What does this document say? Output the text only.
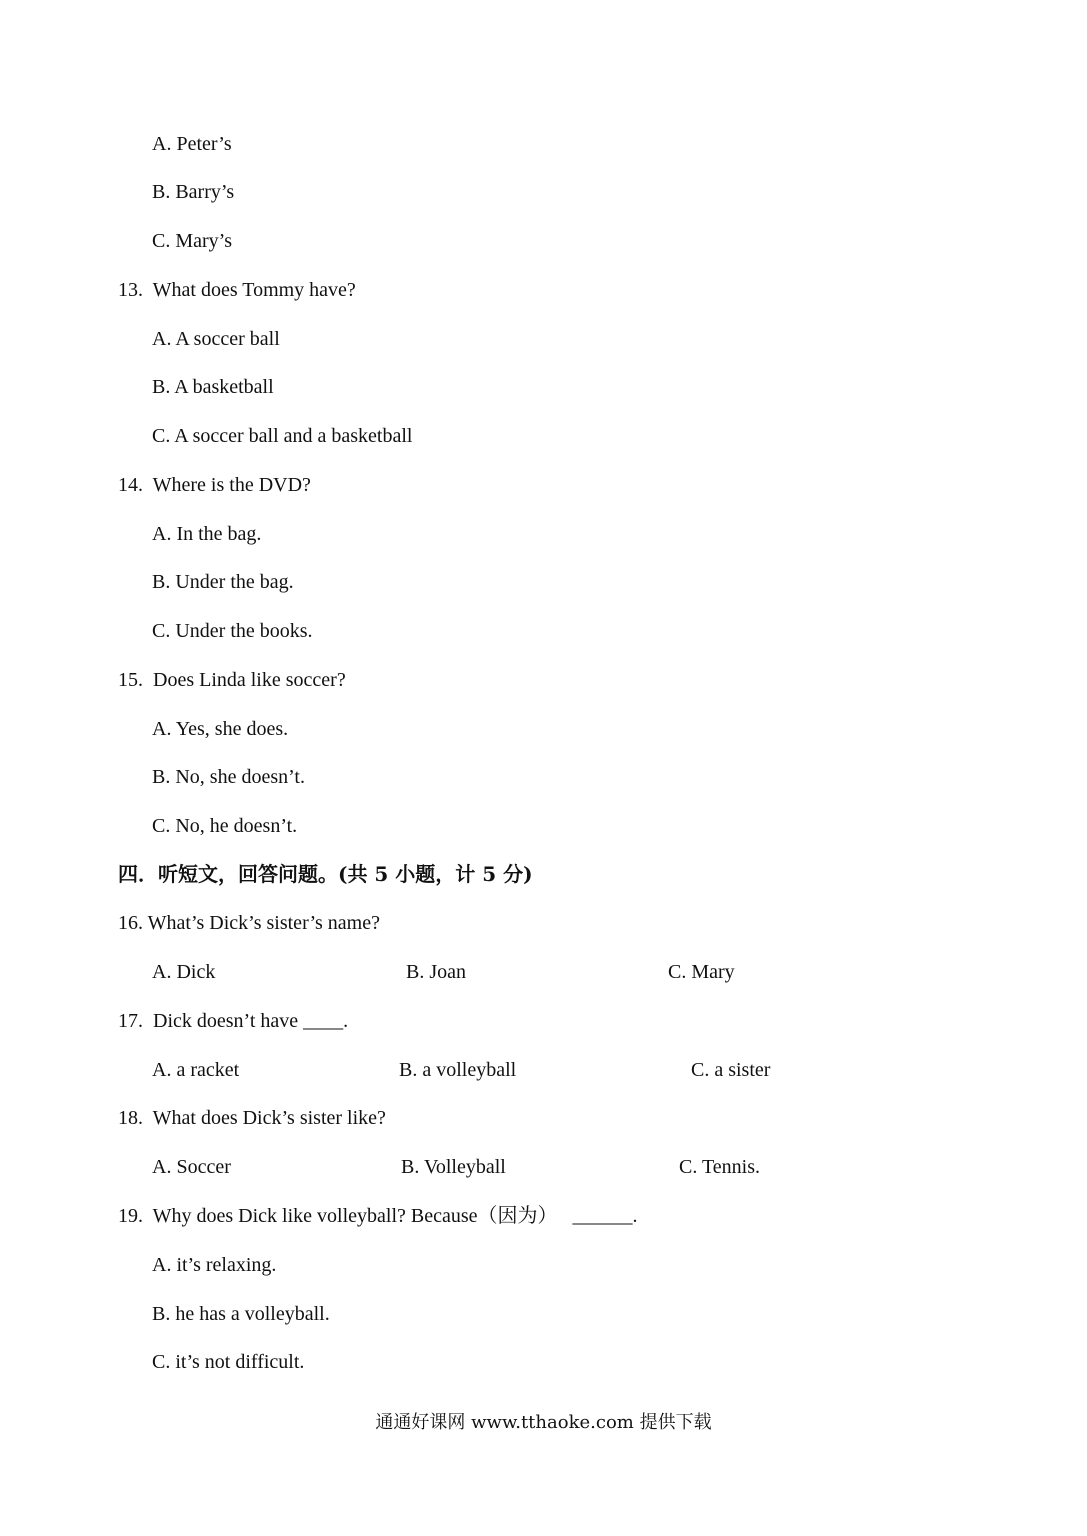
A. Peter’s
B. Barry’s
C. Mary’s
13.  What does Tommy have?
A. A soccer ball
B. A basketball
C. A soccer ball and a basketball
14.  Where is the DVD?
A. In the bag.
B. Under the bag.
C. Under the books.
15.  Does Linda like soccer?
A. Yes, she does.
B. No, she doesn’t.
C. No, he doesn’t.
四．听短文，回答问题。(共 5 小题，计 5 分)
16. What’s Dick’s sister’s name?
A. Dick	B. Joan	C. Mary
17.  Dick doesn’t have ____.
A. a racket	B. a volleyball	C. a sister
18.  What does Dick’s sister like?
A. Soccer	B. Volleyball	C. Tennis.
19.  Why does Dick like volleyball? Because（因为）   ______.
A. it’s relaxing.
B. he has a volleyball.
C. it’s not difficult.
通通好课网 www.tthaoke.com 提供下载
